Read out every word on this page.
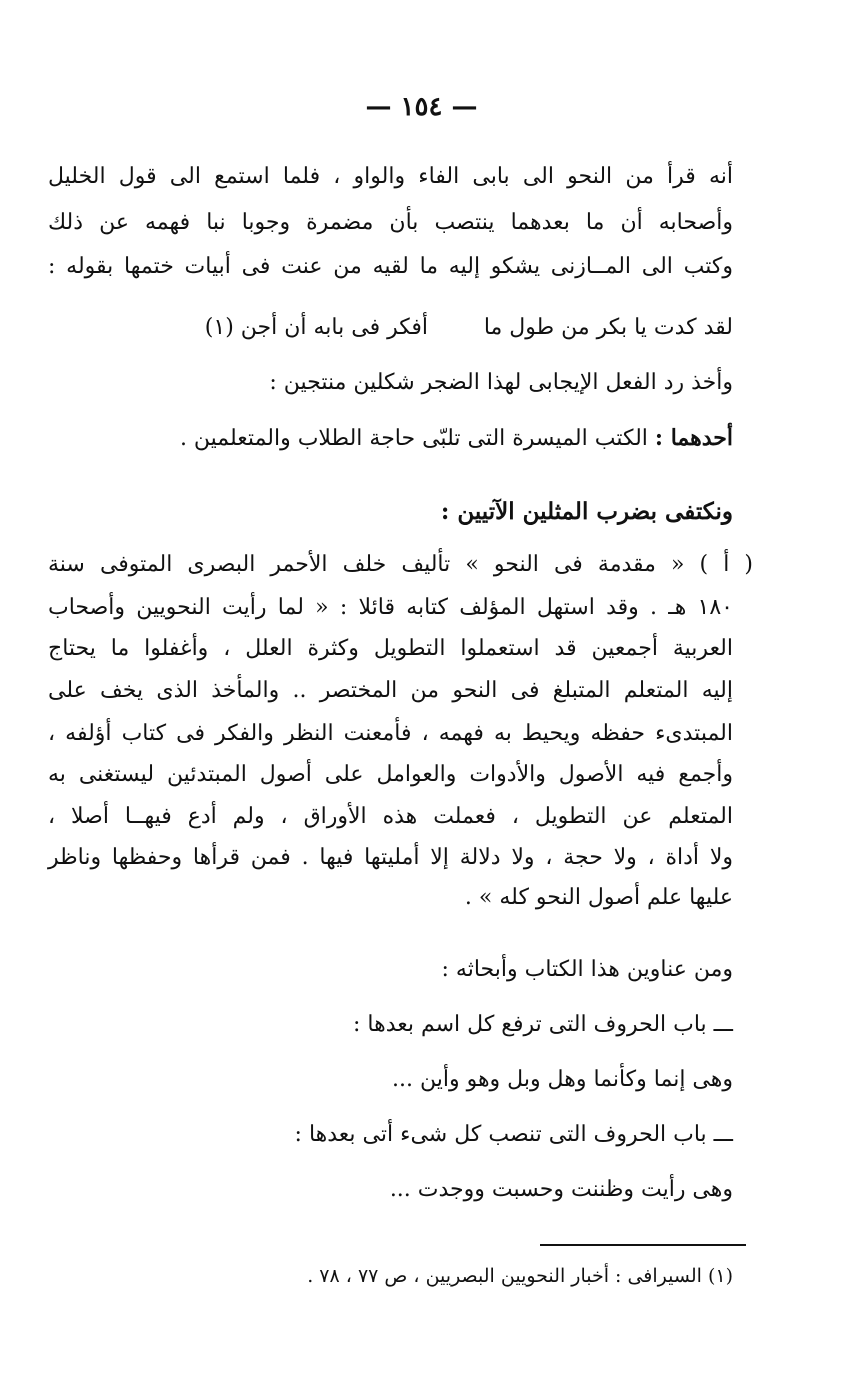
— ١٥٤ —
أنه قرأ من النحو الى بابى الفاء والواو ، فلما استمع الى قول الخليل
وأصحابه أن ما بعدهما ينتصب بأن مضمرة وجوبا نبا فهمه عن ذلك
وكتب الى المــازنى يشكو إليه ما لقيه من عنت فى أبيات ختمها بقوله :
لقد كدت يا بكر من طول ما
أفكر فى بابه أن أجن (١)
وأخذ رد الفعل الإيجابى لهذا الضجر شكلين منتجين :
أحدهما : الكتب الميسرة التى تلبّى حاجة الطلاب والمتعلمين .
ونكتفى بضرب المثلين الآتيين :
( أ ) « مقدمة فى النحو » تأليف خلف الأحمر البصرى المتوفى سنة
١٨٠ هـ . وقد استهل المؤلف كتابه قائلا : « لما رأيت النحويين وأصحاب
العربية أجمعين قد استعملوا التطويل وكثرة العلل ، وأغفلوا ما يحتاج
إليه المتعلم المتبلغ فى النحو من المختصر .. والمأخذ الذى يخف على
المبتدىء حفظه ويحيط به فهمه ، فأمعنت النظر والفكر فى كتاب أؤلفه ،
وأجمع فيه الأصول والأدوات والعوامل على أصول المبتدئين ليستغنى به
المتعلم عن التطويل ، فعملت هذه الأوراق ، ولم أدع فيهــا أصلا ،
ولا أداة ، ولا حجة ، ولا دلالة إلا أمليتها فيها . فمن قرأها وحفظها وناظر
عليها علم أصول النحو كله » .
ومن عناوين هذا الكتاب وأبحاثه :
ـــ باب الحروف التى ترفع كل اسم بعدها :
وهى إنما وكأنما وهل وبل وهو وأين ...
ـــ باب الحروف التى تنصب كل شىء أتى بعدها :
وهى رأيت وظننت وحسبت ووجدت ...
(١) السيرافى : أخبار النحويين البصريين ، ص ٧٧ ، ٧٨ .
